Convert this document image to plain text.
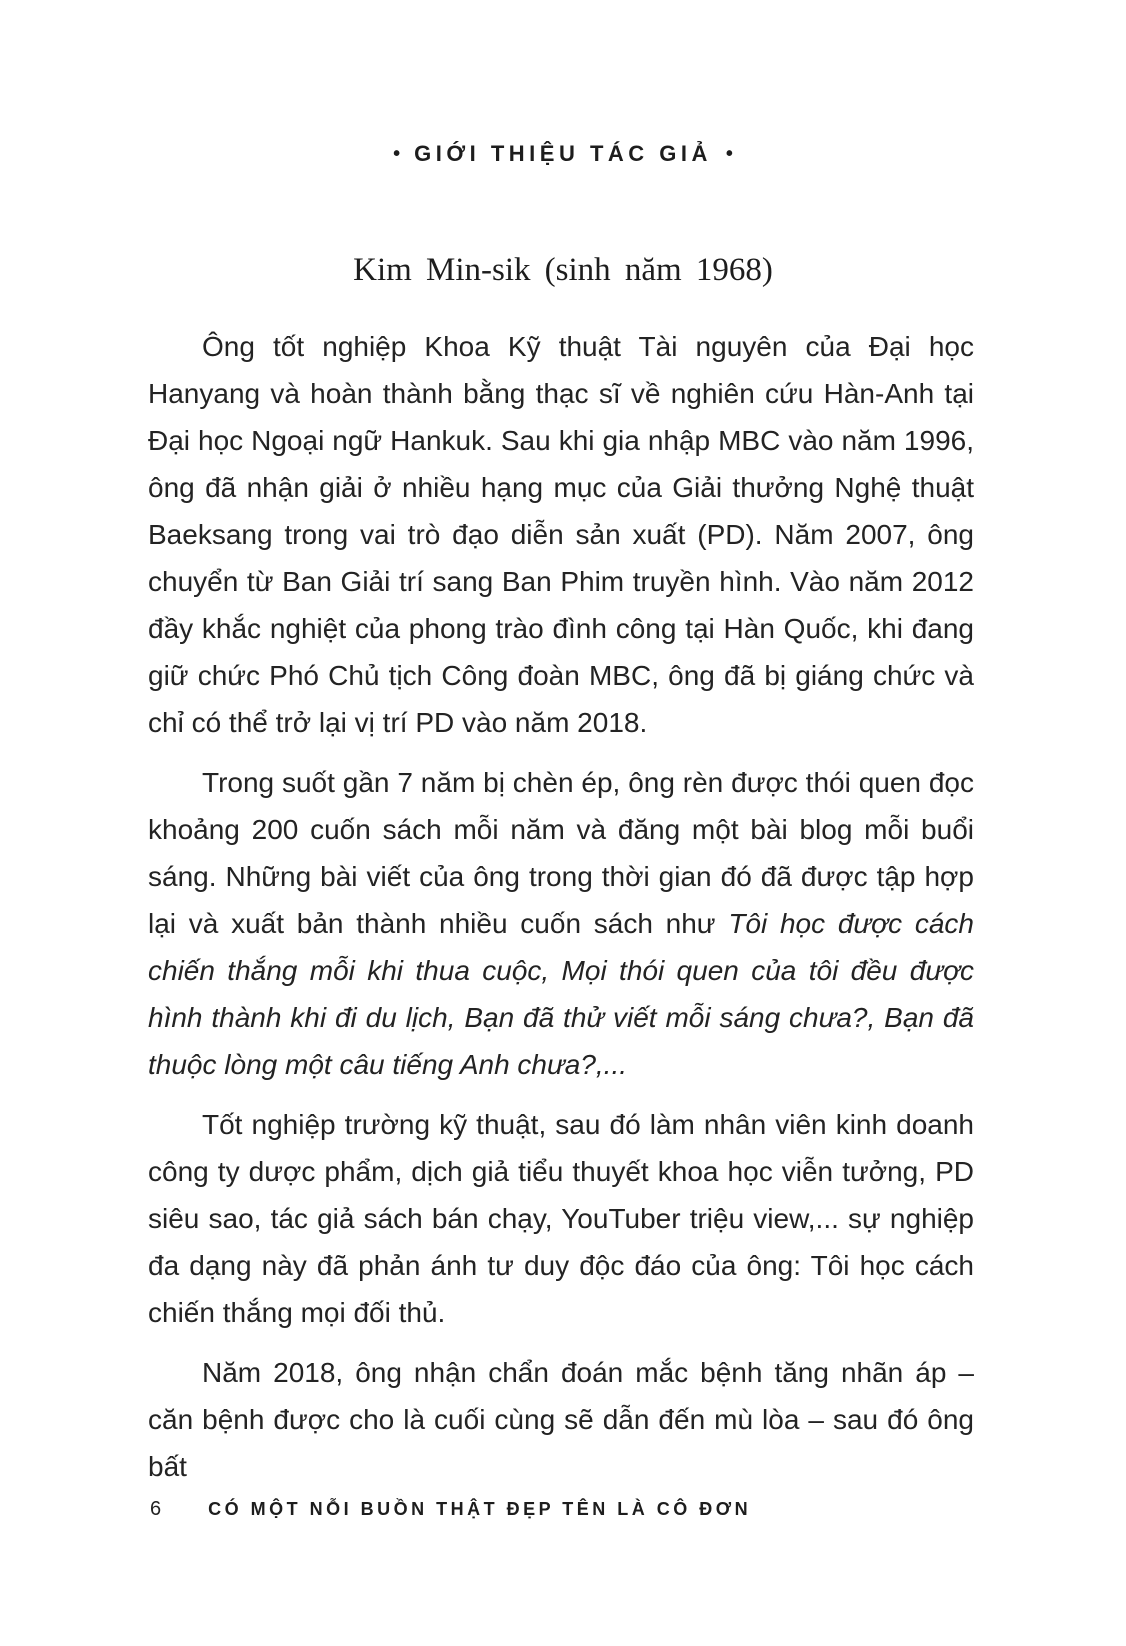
• GIỚI THIỆU TÁC GIẢ •
Kim Min-sik (sinh năm 1968)

Ông tốt nghiệp Khoa Kỹ thuật Tài nguyên của Đại học Hanyang và hoàn thành bằng thạc sĩ về nghiên cứu Hàn-Anh tại Đại học Ngoại ngữ Hankuk. Sau khi gia nhập MBC vào năm 1996, ông đã nhận giải ở nhiều hạng mục của Giải thưởng Nghệ thuật Baeksang trong vai trò đạo diễn sản xuất (PD). Năm 2007, ông chuyển từ Ban Giải trí sang Ban Phim truyền hình. Vào năm 2012 đầy khắc nghiệt của phong trào đình công tại Hàn Quốc, khi đang giữ chức Phó Chủ tịch Công đoàn MBC, ông đã bị giáng chức và chỉ có thể trở lại vị trí PD vào năm 2018.

Trong suốt gần 7 năm bị chèn ép, ông rèn được thói quen đọc khoảng 200 cuốn sách mỗi năm và đăng một bài blog mỗi buổi sáng. Những bài viết của ông trong thời gian đó đã được tập hợp lại và xuất bản thành nhiều cuốn sách như Tôi học được cách chiến thắng mỗi khi thua cuộc, Mọi thói quen của tôi đều được hình thành khi đi du lịch, Bạn đã thử viết mỗi sáng chưa?, Bạn đã thuộc lòng một câu tiếng Anh chưa?,...

Tốt nghiệp trường kỹ thuật, sau đó làm nhân viên kinh doanh công ty dược phẩm, dịch giả tiểu thuyết khoa học viễn tưởng, PD siêu sao, tác giả sách bán chạy, YouTuber triệu view,... sự nghiệp đa dạng này đã phản ánh tư duy độc đáo của ông: Tôi học cách chiến thắng mọi đối thủ.

Năm 2018, ông nhận chẩn đoán mắc bệnh tăng nhãn áp – căn bệnh được cho là cuối cùng sẽ dẫn đến mù lòa – sau đó ông bất

6	CÓ MỘT NỖI BUỒN THẬT ĐẸP TÊN LÀ CÔ ĐƠN
